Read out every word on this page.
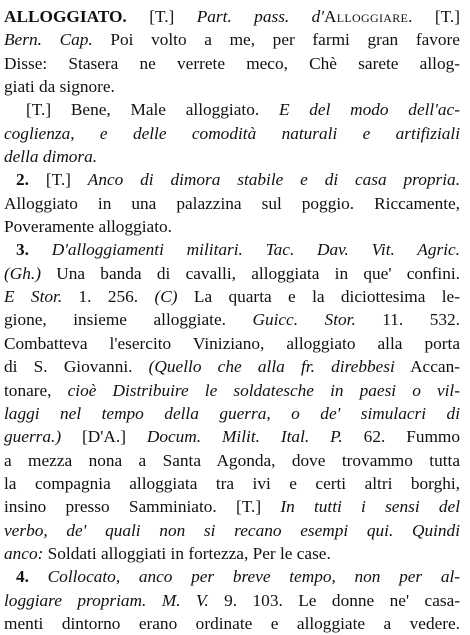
ALLOGGIATO. [T.] Part. pass. d'Alloggiare. [T.]
Bern. Cap. Poi volto a me, per farmi gran favore
Disse: Stasera ne verrete meco, Chè sarete allog-
giati da signore.
[T.] Bene, Male alloggiato. E del modo dell'ac-
coglienza, e delle comodità naturali e artifiziali
della dimora.
2. [T.] Anco di dimora stabile e di casa propria.
Alloggiato in una palazzina sul poggio. Riccamente,
Poveramente alloggiato.
3. D'alloggiamenti militari. Tac. Dav. Vit. Agric.
(Gh.) Una banda di cavalli, alloggiata in que' confini.
E Stor. 1. 256. (C) La quarta e la diciottesima le-
gione, insieme alloggiate. Guicc. Stor. 11. 532.
Combatteva l'esercito Viniziano, alloggiato alla porta
di S. Giovanni. (Quello che alla fr. direbbesi Accan-
tonare, cioè Distribuire le soldatesche in paesi o vil-
laggi nel tempo della guerra, o de' simulacri di
guerra.) [D'A.] Docum. Milit. Ital. P. 62. Fummo
a mezza nona a Santa Agonda, dove trovammo tutta
la compagnia alloggiata tra ivi e certi altri borghi,
insino presso Samminiato. [T.] In tutti i sensi del
verbo, de' quali non si recano esempi qui. Quindi
anco: Soldati alloggiati in fortezza, Per le case.
4. Collocato, anco per breve tempo, non per al-
loggiare propriam. M. V. 9. 103. Le donne ne' casa-
menti dintorno erano ordinate e alloggiate a vedere.
